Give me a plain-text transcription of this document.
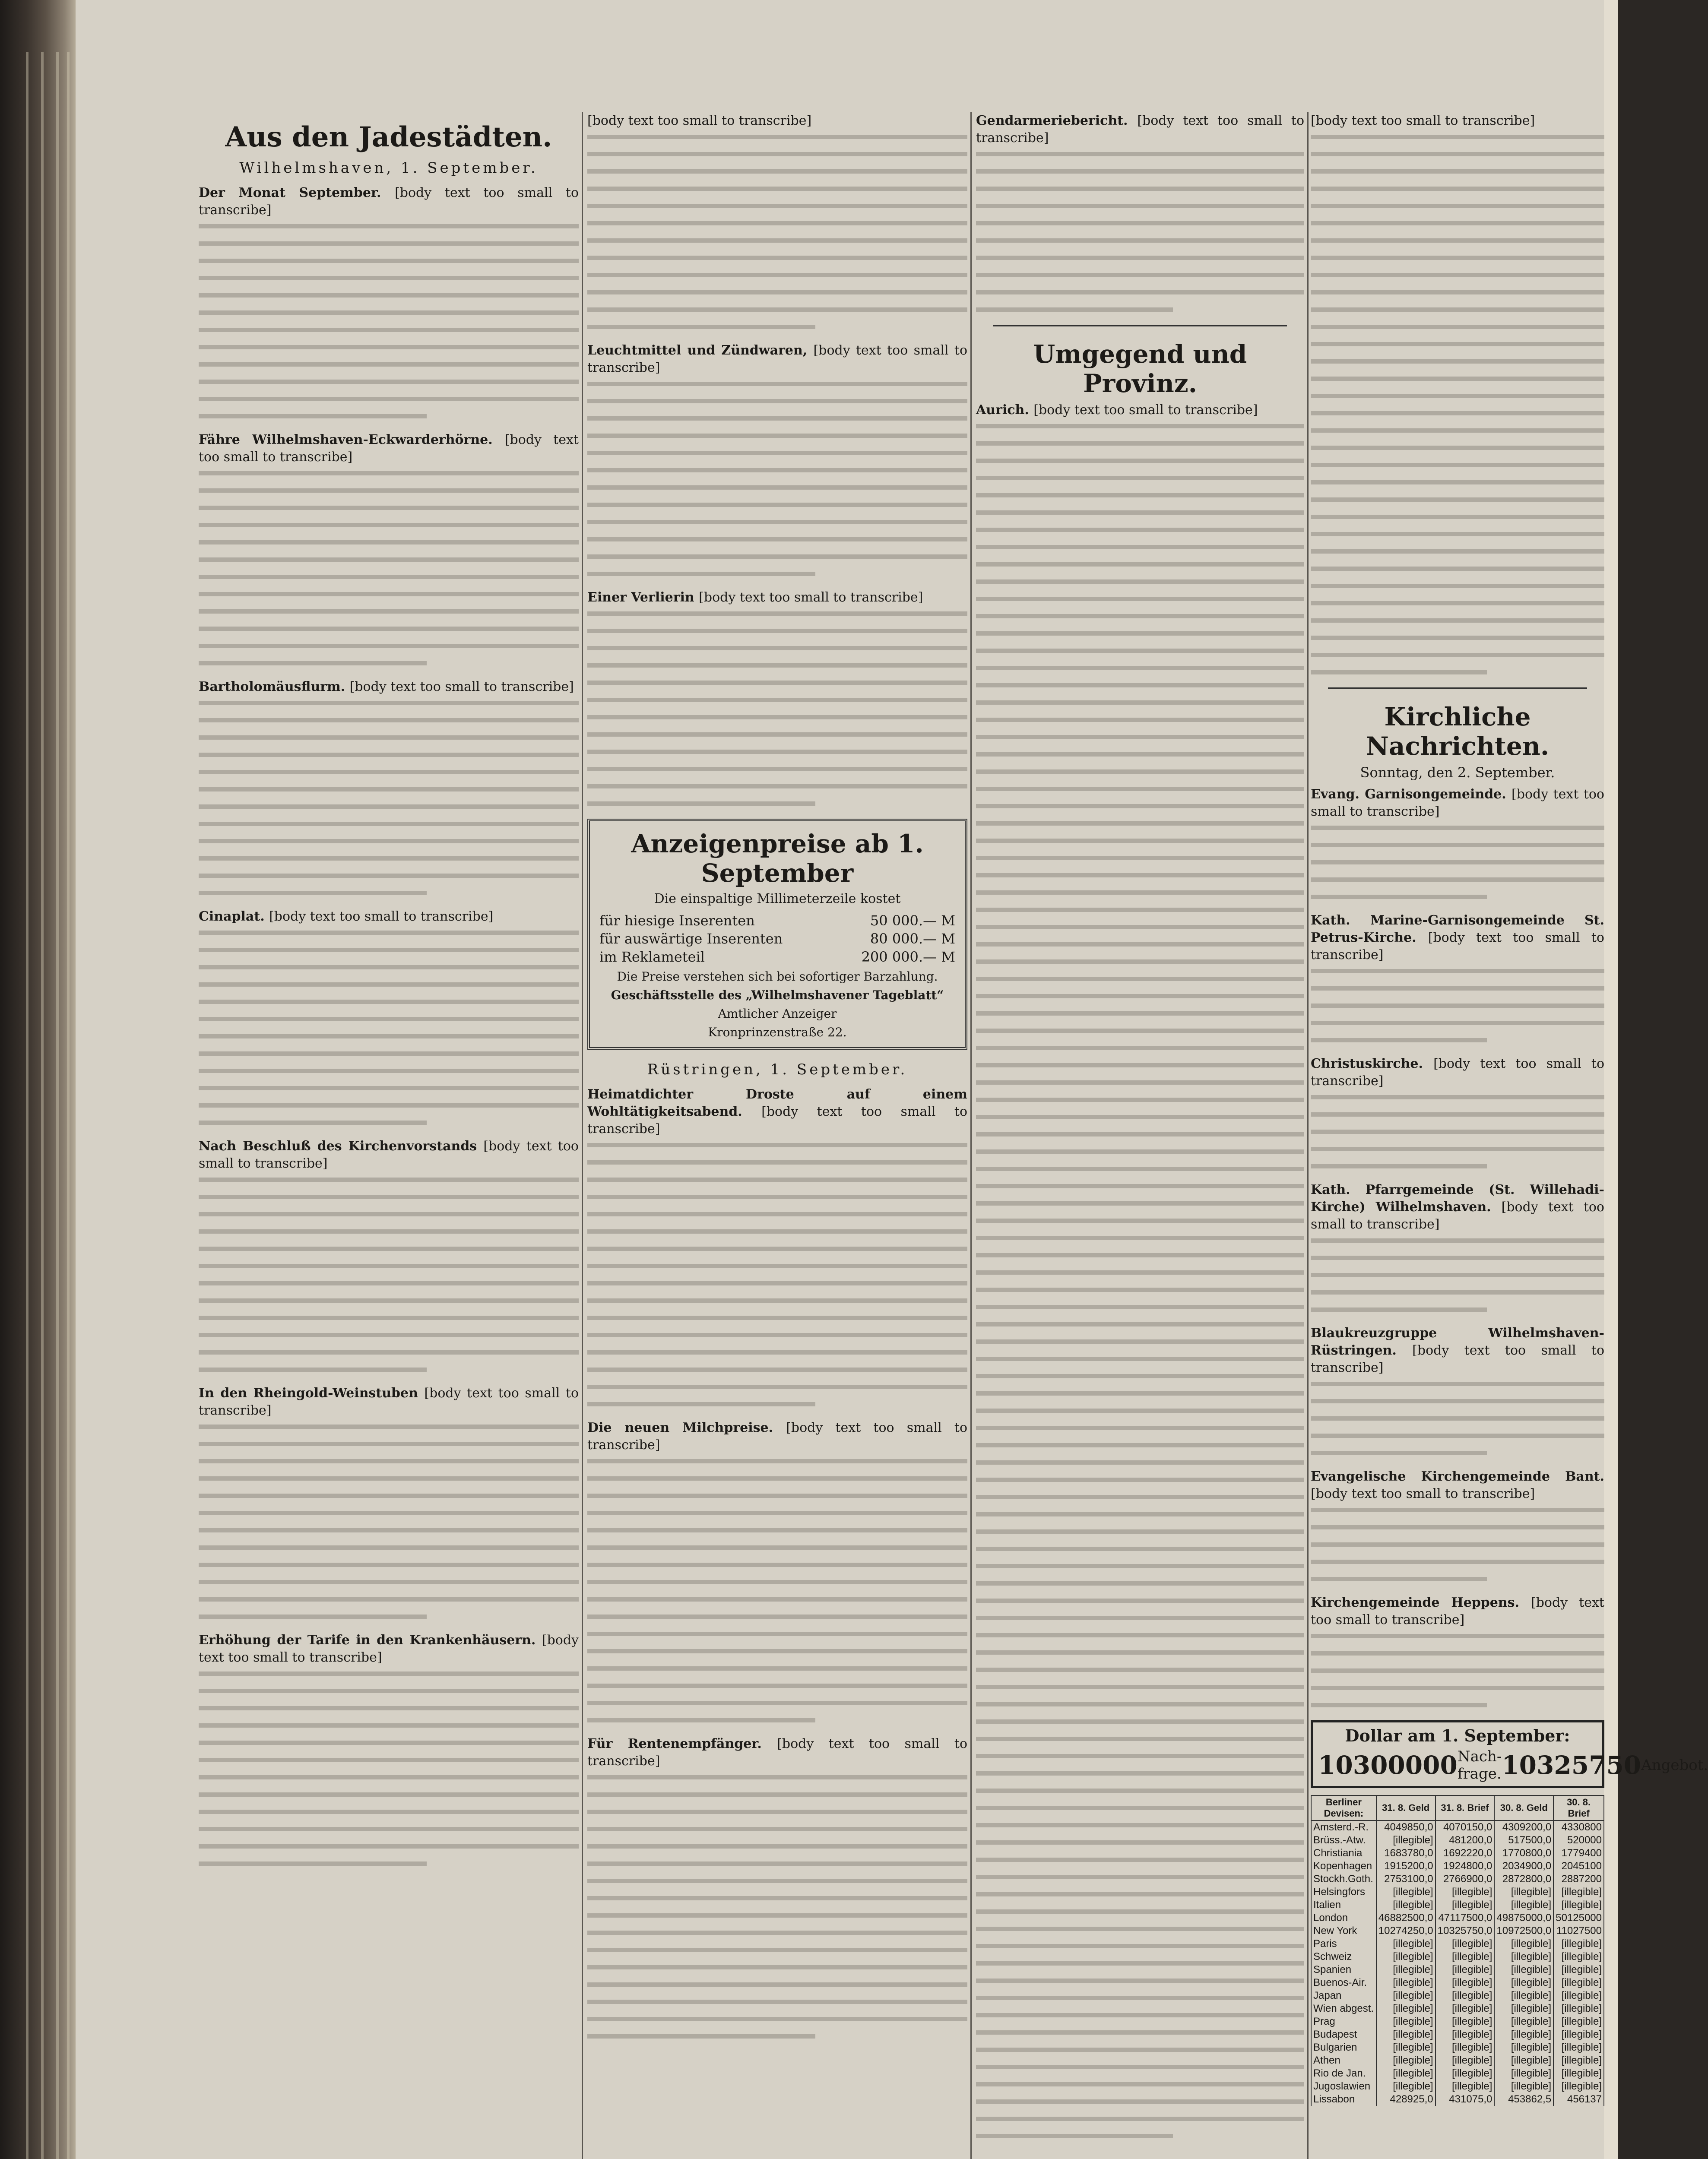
Aus den Jadestädten.
Wilhelmshaven, 1. September.

Der Monat September. [body text too small to transcribe]

Fähre Wilhelmshaven-Eckwarderhörne. [body text too small to transcribe]

Bartholomäusflurm. [body text too small to transcribe]

Cinaplat. [body text too small to transcribe]

Nach Beschluß des Kirchenvorstands [body text too small to transcribe]

In den Rheingold-Weinstuben [body text too small to transcribe]

Erhöhung der Tarife in den Krankenhäusern. [body text too small to transcribe]

[body text too small to transcribe]

Leuchtmittel und Zündwaren, [body text too small to transcribe]

Einer Verlierin [body text too small to transcribe]

Anzeigenpreise ab 1. September
Die einspaltige Millimeterzeile kostet
für hiesige Inserenten	50 000.— M
für auswärtige Inserenten	80 000.— M
im Reklameteil	200 000.— M
Die Preise verstehen sich bei sofortiger Barzahlung.
Geschäftsstelle des „Wilhelmshavener Tageblatt“
Amtlicher Anzeiger
Kronprinzenstraße 22.
Rüstringen, 1. September.

Heimatdichter Droste auf einem Wohltätigkeitsabend. [body text too small to transcribe]

Die neuen Milchpreise. [body text too small to transcribe]

Für Rentenempfänger. [body text too small to transcribe]

Gendarmeriebericht. [body text too small to transcribe]

Umgegend und Provinz.

Aurich. [body text too small to transcribe]

[body text too small to transcribe]

Kirchliche Nachrichten.
Sonntag, den 2. September.

Evang. Garnisongemeinde. [body text too small to transcribe]

Kath. Marine-Garnisongemeinde St. Petrus-Kirche. [body text too small to transcribe]

Christuskirche. [body text too small to transcribe]

Kath. Pfarrgemeinde (St. Willehadi-Kirche) Wilhelmshaven. [body text too small to transcribe]

Blaukreuzgruppe Wilhelmshaven-Rüstringen. [body text too small to transcribe]

Evangelische Kirchengemeinde Bant. [body text too small to transcribe]

Kirchengemeinde Heppens. [body text too small to transcribe]

Dollar am 1. September:
10300000 Nach- frage. 10325750 Angebot.
Berliner Devisen:	31. 8. Geld	31. 8. Brief	30. 8. Geld	30. 8. Brief
Amsterd.-R.	4049850,0	4070150,0	4309200,0	4330800
Brüss.-Atw.	[illegible]	481200,0	517500,0	520000
Christiania	1683780,0	1692220,0	1770800,0	1779400
Kopenhagen	1915200,0	1924800,0	2034900,0	2045100
Stockh.Goth.	2753100,0	2766900,0	2872800,0	2887200
Helsingfors	[illegible]	[illegible]	[illegible]	[illegible]
Italien	[illegible]	[illegible]	[illegible]	[illegible]
London	46882500,0	47117500,0	49875000,0	50125000
New York	10274250,0	10325750,0	10972500,0	11027500
Paris	[illegible]	[illegible]	[illegible]	[illegible]
Schweiz	[illegible]	[illegible]	[illegible]	[illegible]
Spanien	[illegible]	[illegible]	[illegible]	[illegible]
Buenos-Air.	[illegible]	[illegible]	[illegible]	[illegible]
Japan	[illegible]	[illegible]	[illegible]	[illegible]
Wien abgest.	[illegible]	[illegible]	[illegible]	[illegible]
Prag	[illegible]	[illegible]	[illegible]	[illegible]
Budapest	[illegible]	[illegible]	[illegible]	[illegible]
Bulgarien	[illegible]	[illegible]	[illegible]	[illegible]
Athen	[illegible]	[illegible]	[illegible]	[illegible]
Rio de Jan.	[illegible]	[illegible]	[illegible]	[illegible]
Jugoslawien	[illegible]	[illegible]	[illegible]	[illegible]
Lissabon	428925,0	431075,0	453862,5	456137
